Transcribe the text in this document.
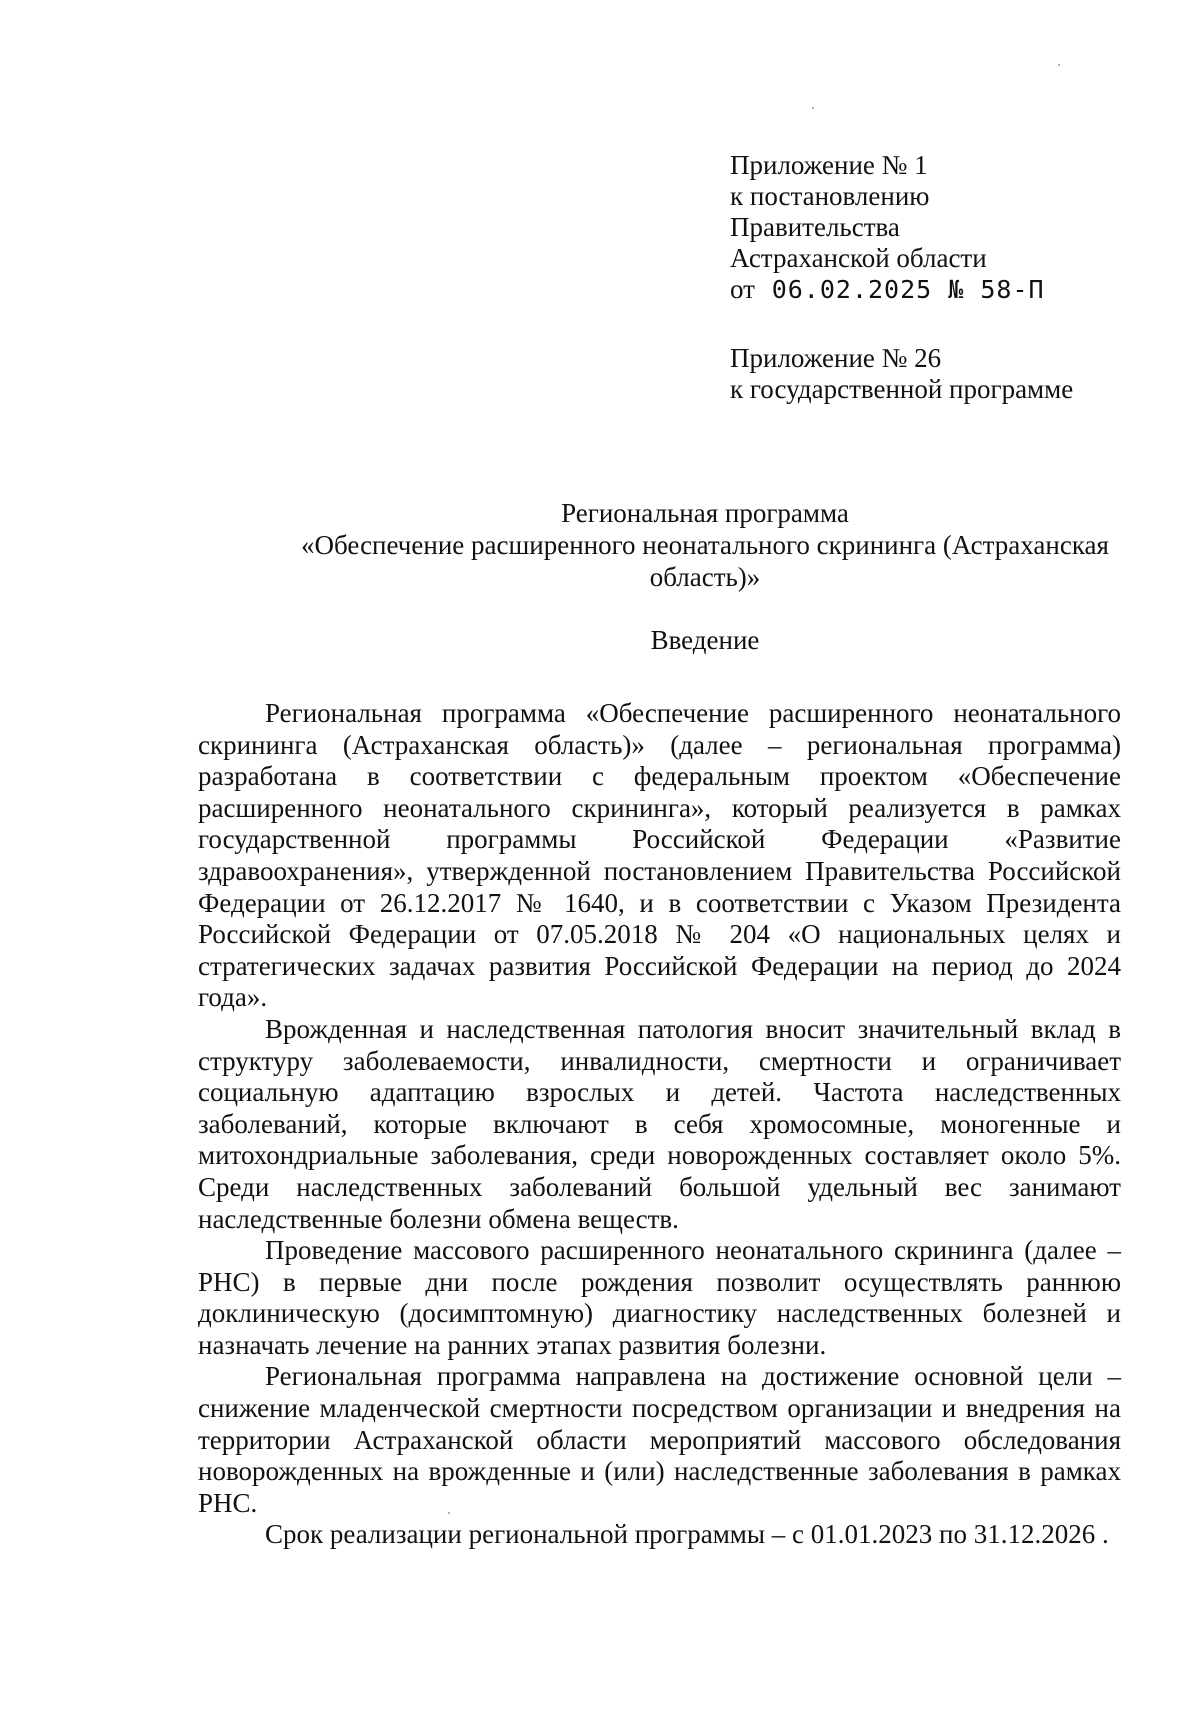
Приложение № 1
к постановлению
Правительства
Астраханской области
от 06.02.2025 № 58-П
Приложение № 26
к государственной программе
Региональная программа
«Обеспечение расширенного неонатального скрининга (Астраханская
область)»
Введение

Региональная программа «Обеспечение расширенного неонатального скрининга (Астраханская область)» (далее – региональная программа) разработана в соответствии с федеральным проектом «Обеспечение расширенного неонатального скрининга», который реализуется в рамках государственной программы Российской Федерации «Развитие здравоохранения», утвержденной постановлением Правительства Российской Федерации от 26.12.2017 № 1640, и в соответствии с Указом Президента Российской Федерации от 07.05.2018 № 204 «О национальных целях и стратегических задачах развития Российской Федерации на период до 2024 года».

Врожденная и наследственная патология вносит значительный вклад в структуру заболеваемости, инвалидности, смертности и ограничивает социальную адаптацию взрослых и детей. Частота наследственных заболеваний, которые включают в себя хромосомные, моногенные и митохондриальные заболевания, среди новорожденных составляет около 5%. Среди наследственных заболеваний большой удельный вес занимают наследственные болезни обмена веществ.

Проведение массового расширенного неонатального скрининга (далее – РНС) в первые дни после рождения позволит осуществлять раннюю доклиническую (досимптомную) диагностику наследственных болезней и назначать лечение на ранних этапах развития болезни.

Региональная программа направлена на достижение основной цели – снижение младенческой смертности посредством организации и внедрения на территории Астраханской области мероприятий массового обследования новорожденных на врожденные и (или) наследственные заболевания в рамках РНС.

Срок реализации региональной программы – с 01.01.2023 по 31.12.2026 .
